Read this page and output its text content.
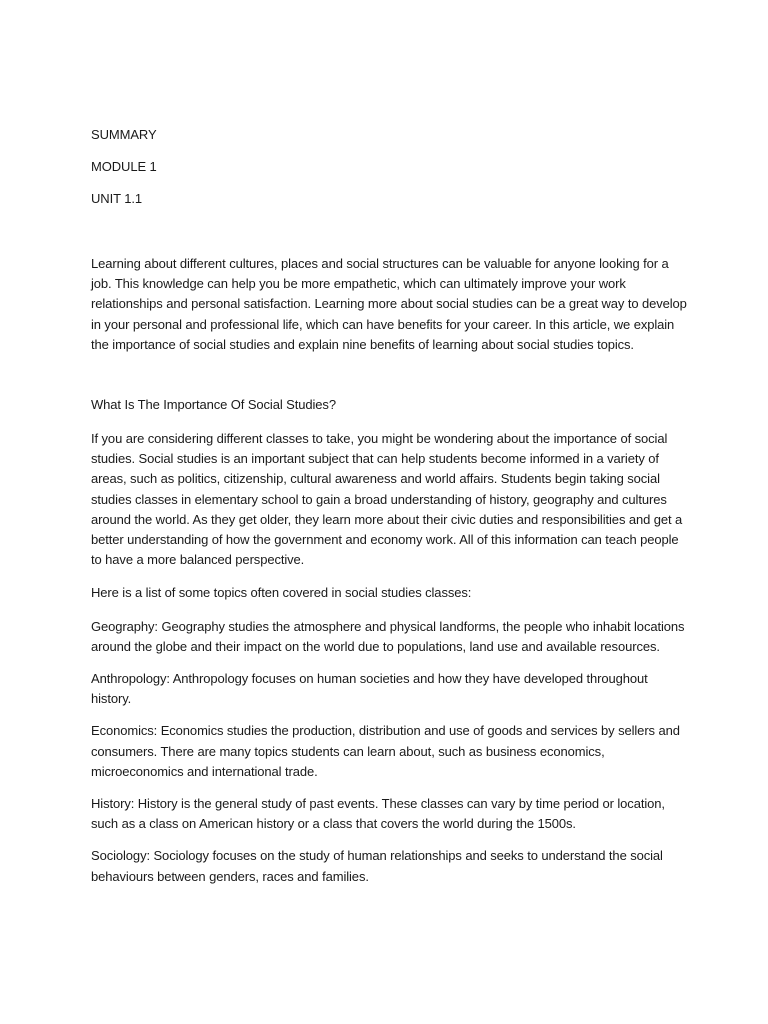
SUMMARY

MODULE 1

UNIT 1.1

Learning about different cultures, places and social structures can be valuable for anyone looking for a job. This knowledge can help you be more empathetic, which can ultimately improve your work relationships and personal satisfaction. Learning more about social studies can be a great way to develop in your personal and professional life, which can have benefits for your career. In this article, we explain the importance of social studies and explain nine benefits of learning about social studies topics.

What Is The Importance Of Social Studies?

If you are considering different classes to take, you might be wondering about the importance of social studies. Social studies is an important subject that can help students become informed in a variety of areas, such as politics, citizenship, cultural awareness and world affairs. Students begin taking social studies classes in elementary school to gain a broad understanding of history, geography and cultures around the world. As they get older, they learn more about their civic duties and responsibilities and get a better understanding of how the government and economy work. All of this information can teach people to have a more balanced perspective.

Here is a list of some topics often covered in social studies classes:

Geography: Geography studies the atmosphere and physical landforms, the people who inhabit locations around the globe and their impact on the world due to populations, land use and available resources.

Anthropology: Anthropology focuses on human societies and how they have developed throughout history.

Economics: Economics studies the production, distribution and use of goods and services by sellers and consumers. There are many topics students can learn about, such as business economics, microeconomics and international trade.

History: History is the general study of past events. These classes can vary by time period or location, such as a class on American history or a class that covers the world during the 1500s.

Sociology: Sociology focuses on the study of human relationships and seeks to understand the social behaviours between genders, races and families.
